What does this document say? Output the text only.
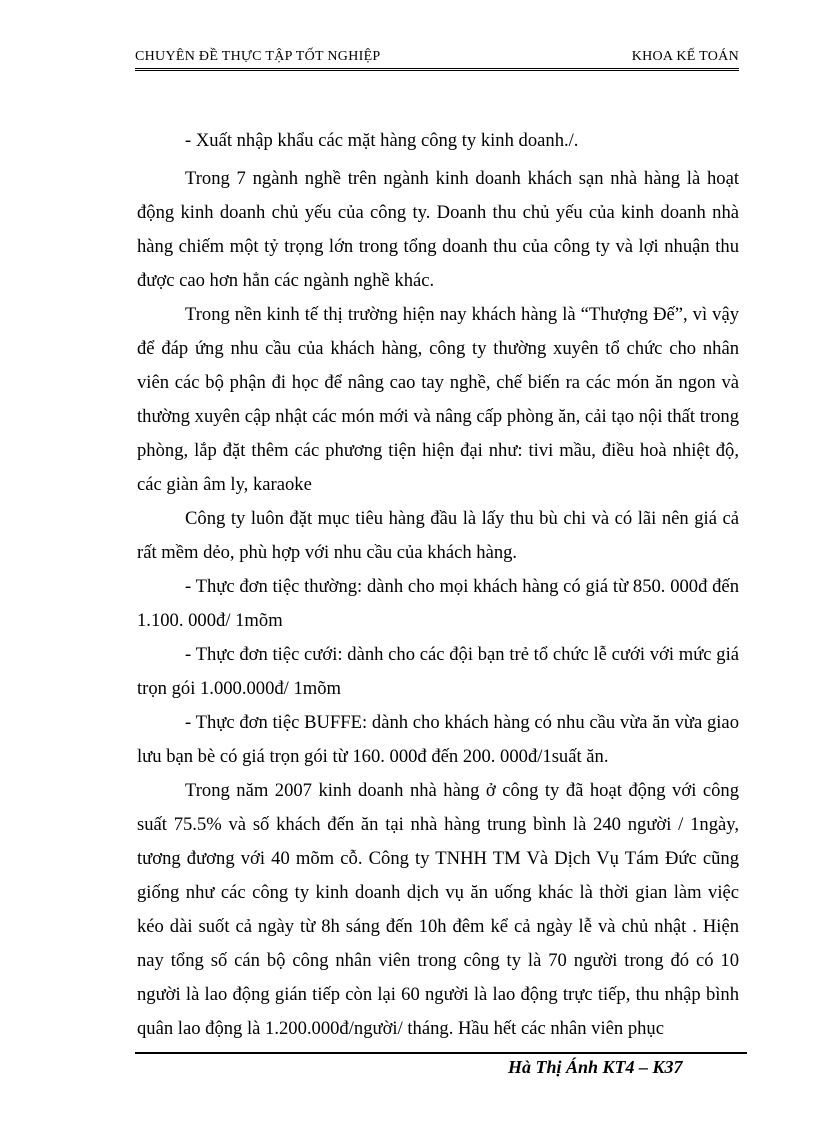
CHUYÊN ĐỀ THỰC TẬP TỐT NGHIỆP	KHOA KẾ TOÁN

- Xuất nhập khẩu các mặt hàng công ty kinh doanh./.

Trong 7 ngành nghề trên ngành kinh doanh khách sạn nhà hàng là hoạt động kinh doanh chủ yếu của công ty. Doanh thu chủ yếu của kinh doanh nhà hàng chiếm một tỷ trọng lớn trong tổng doanh thu của công ty và lợi nhuận thu được cao hơn hẳn các ngành nghề khác.

Trong nền kinh tế thị trường hiện nay khách hàng là “Thượng Đế”, vì vậy để đáp ứng nhu cầu của khách hàng, công ty thường xuyên tổ chức cho nhân viên các bộ phận đi học để nâng cao tay nghề, chế biến ra các món ăn ngon và thường xuyên cập nhật các món mới và nâng cấp phòng ăn, cải tạo nội thất trong phòng, lắp đặt thêm các phương tiện hiện đại như: tivi mầu, điều hoà nhiệt độ, các giàn âm ly, karaoke

Công ty luôn đặt mục tiêu hàng đầu là lấy thu bù chi và có lãi nên giá cả rất mềm dẻo, phù hợp với nhu cầu của khách hàng.

- Thực đơn tiệc thường: dành cho mọi khách hàng có giá từ 850. 000đ đến 1.100. 000đ/ 1mõm

- Thực đơn tiệc cưới: dành cho các đội bạn trẻ tổ chức lễ cưới với mức giá trọn gói 1.000.000đ/ 1mõm

- Thực đơn tiệc BUFFE: dành cho khách hàng có nhu cầu vừa ăn vừa giao lưu bạn bè có giá trọn gói từ 160. 000đ đến 200. 000đ/1suất ăn.

Trong năm 2007 kinh doanh nhà hàng ở công ty đã hoạt động với công suất 75.5% và số khách đến ăn tại nhà hàng trung bình là 240 người / 1ngày, tương đương với 40 mõm cỗ. Công ty TNHH TM Và Dịch Vụ Tám Đức cũng giống như các công ty kinh doanh dịch vụ ăn uống khác là thời gian làm việc kéo dài suốt cả ngày từ 8h sáng đến 10h đêm kể cả ngày lễ và chủ nhật . Hiện nay tổng số cán bộ công nhân viên trong công ty là 70 người trong đó có 10 người là lao động gián tiếp còn lại 60 người là lao động trực tiếp, thu nhập bình quân lao động là 1.200.000đ/người/ tháng. Hầu hết các nhân viên phục

Hà Thị Ánh KT4 – K37
